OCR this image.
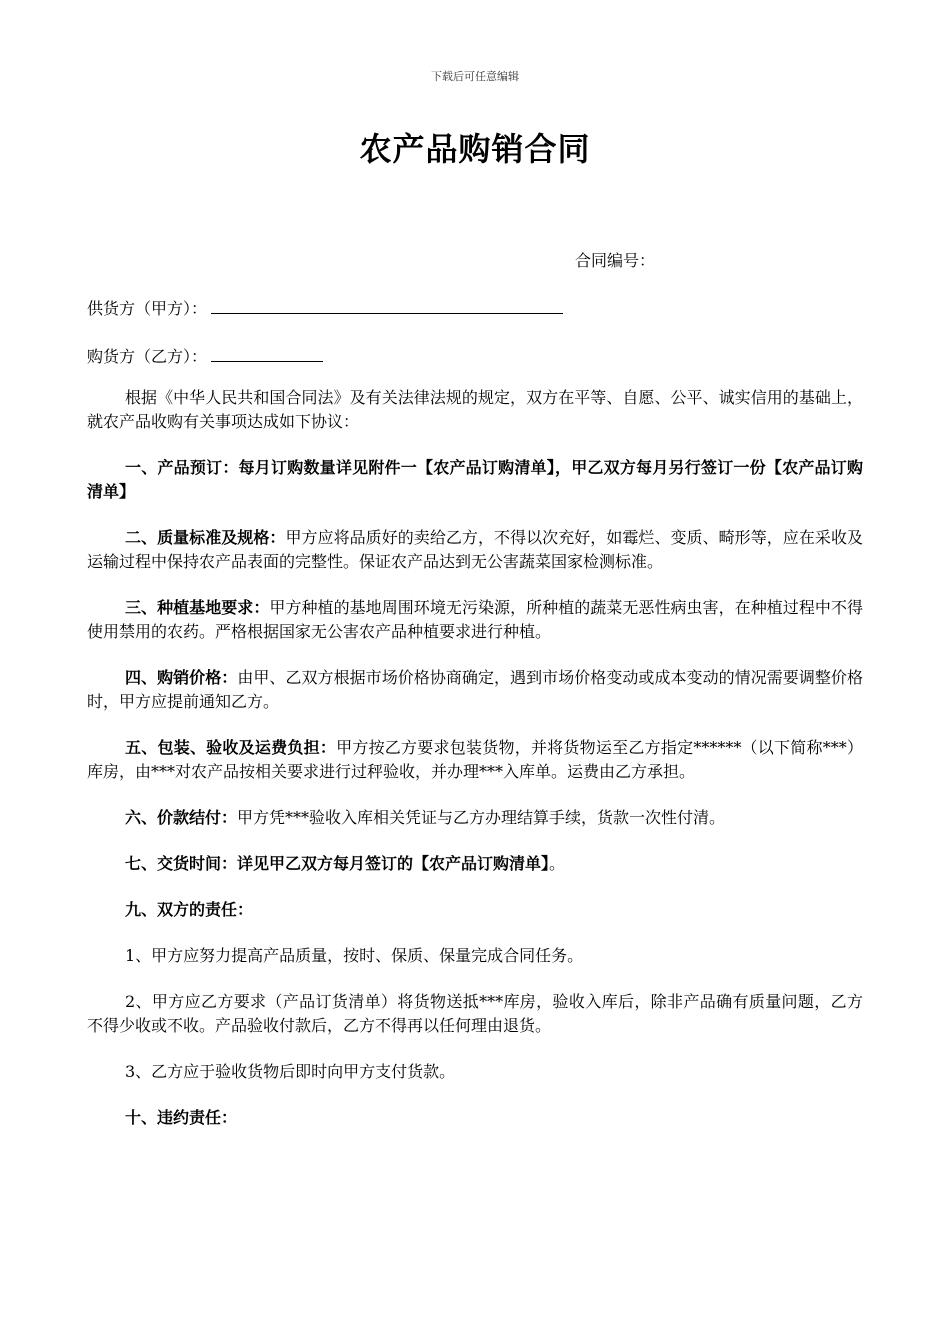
下载后可任意编辑
农产品购销合同
合同编号：
供货方（甲方）：
购货方（乙方）：

根据《中华人民共和国合同法》及有关法律法规的规定，双方在平等、自愿、公平、诚实信用的基础上，就农产品收购有关事项达成如下协议：

一、产品预订：每月订购数量详见附件一【农产品订购清单】，甲乙双方每月另行签订一份【农产品订购清单】

二、质量标准及规格：甲方应将品质好的卖给乙方，不得以次充好，如霉烂、变质、畸形等，应在采收及运输过程中保持农产品表面的完整性。保证农产品达到无公害蔬菜国家检测标准。

三、种植基地要求：甲方种植的基地周围环境无污染源，所种植的蔬菜无恶性病虫害，在种植过程中不得使用禁用的农药。严格根据国家无公害农产品种植要求进行种植。

四、购销价格：由甲、乙双方根据市场价格协商确定，遇到市场价格变动或成本变动的情况需要调整价格时，甲方应提前通知乙方。

五、包装、验收及运费负担：甲方按乙方要求包装货物，并将货物运至乙方指定******（以下简称***）库房，由***对农产品按相关要求进行过秤验收，并办理***入库单。运费由乙方承担。

六、价款结付：甲方凭***验收入库相关凭证与乙方办理结算手续，货款一次性付清。

七、交货时间：详见甲乙双方每月签订的【农产品订购清单】。

九、双方的责任：

1、甲方应努力提高产品质量，按时、保质、保量完成合同任务。

2、甲方应乙方要求（产品订货清单）将货物送抵***库房，验收入库后，除非产品确有质量问题，乙方不得少收或不收。产品验收付款后，乙方不得再以任何理由退货。

3、乙方应于验收货物后即时向甲方支付货款。

十、违约责任：
